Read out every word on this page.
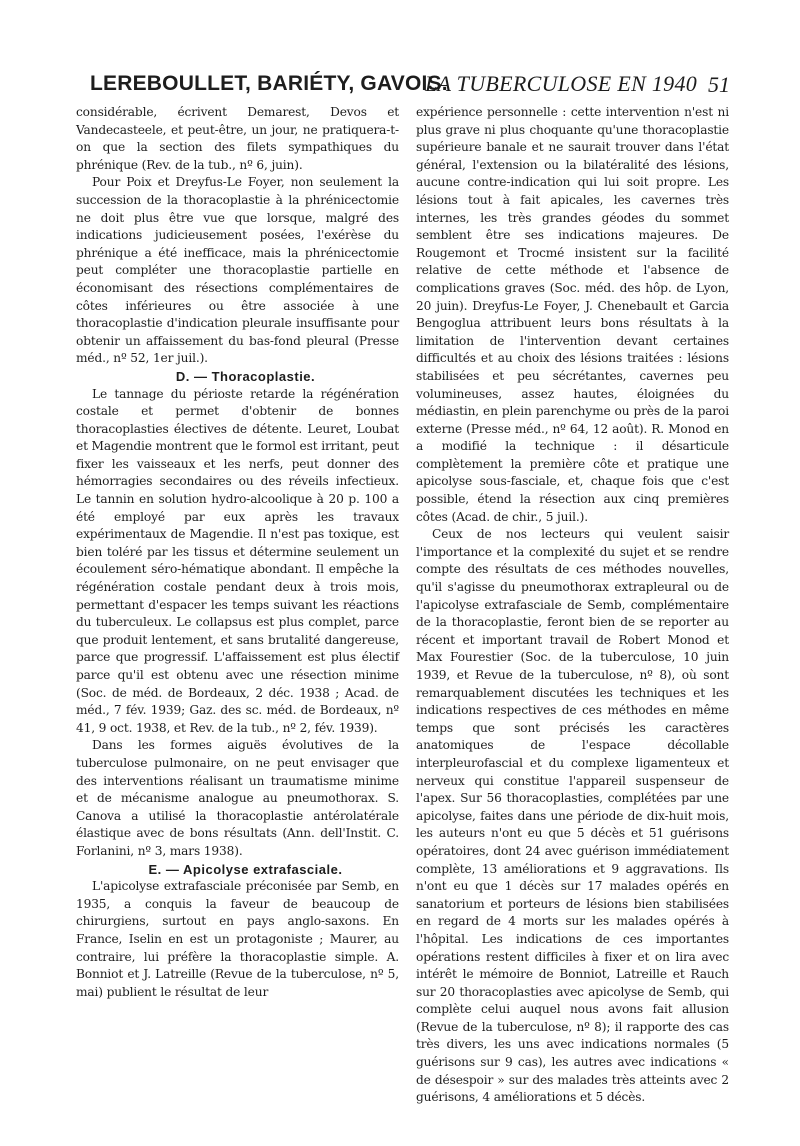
LEREBOULLET, BARIÉTY, GAVOIS.
LA TUBERCULOSE EN 1940 51

considérable, écrivent Demarest, Devos et Vandecasteele, et peut-être, un jour, ne pratiquera-t-on que la section des filets sympathiques du phrénique (Rev. de la tub., nº 6, juin).

Pour Poix et Dreyfus-Le Foyer, non seulement la succession de la thoracoplastie à la phrénicectomie ne doit plus être vue que lorsque, malgré des indications judicieusement posées, l'exérèse du phrénique a été inefficace, mais la phrénicectomie peut compléter une thoracoplastie partielle en économisant des résections complémentaires de côtes inférieures ou être associée à une thoracoplastie d'indication pleurale insuffisante pour obtenir un affaissement du bas-fond pleural (Presse méd., nº 52, 1er juil.).

D. — Thoracoplastie.

Le tannage du périoste retarde la régénération costale et permet d'obtenir de bonnes thoracoplasties électives de détente. Leuret, Loubat et Magendie montrent que le formol est irritant, peut fixer les vaisseaux et les nerfs, peut donner des hémorragies secondaires ou des réveils infectieux. Le tannin en solution hydro-alcoolique à 20 p. 100 a été employé par eux après les travaux expérimentaux de Magendie. Il n'est pas toxique, est bien toléré par les tissus et détermine seulement un écoulement séro-hématique abondant. Il empêche la régénération costale pendant deux à trois mois, permettant d'espacer les temps suivant les réactions du tuberculeux. Le collapsus est plus complet, parce que produit lentement, et sans brutalité dangereuse, parce que progressif. L'affaissement est plus électif parce qu'il est obtenu avec une résection minime (Soc. de méd. de Bordeaux, 2 déc. 1938 ; Acad. de méd., 7 fév. 1939; Gaz. des sc. méd. de Bordeaux, nº 41, 9 oct. 1938, et Rev. de la tub., nº 2, fév. 1939).

Dans les formes aiguës évolutives de la tuberculose pulmonaire, on ne peut envisager que des interventions réalisant un traumatisme minime et de mécanisme analogue au pneumothorax. S. Canova a utilisé la thoracoplastie antérolatérale élastique avec de bons résultats (Ann. dell'Instit. C. Forlanini, nº 3, mars 1938).

E. — Apicolyse extrafasciale.

L'apicolyse extrafasciale préconisée par Semb, en 1935, a conquis la faveur de beaucoup de chirurgiens, surtout en pays anglo-saxons. En France, Iselin en est un protagoniste ; Maurer, au contraire, lui préfère la thoracoplastie simple. A. Bonniot et J. Latreille (Revue de la tuberculose, nº 5, mai) publient le résultat de leur

expérience personnelle : cette intervention n'est ni plus grave ni plus choquante qu'une thoracoplastie supérieure banale et ne saurait trouver dans l'état général, l'extension ou la bilatéralité des lésions, aucune contre-indication qui lui soit propre. Les lésions tout à fait apicales, les cavernes très internes, les très grandes géodes du sommet semblent être ses indications majeures. De Rougemont et Trocmé insistent sur la facilité relative de cette méthode et l'absence de complications graves (Soc. méd. des hôp. de Lyon, 20 juin). Dreyfus-Le Foyer, J. Chenebault et Garcia Bengoglua attribuent leurs bons résultats à la limitation de l'intervention devant certaines difficultés et au choix des lésions traitées : lésions stabilisées et peu sécrétantes, cavernes peu volumineuses, assez hautes, éloignées du médiastin, en plein parenchyme ou près de la paroi externe (Presse méd., nº 64, 12 août). R. Monod en a modifié la technique : il désarticule complètement la première côte et pratique une apicolyse sous-fasciale, et, chaque fois que c'est possible, étend la résection aux cinq premières côtes (Acad. de chir., 5 juil.).

Ceux de nos lecteurs qui veulent saisir l'importance et la complexité du sujet et se rendre compte des résultats de ces méthodes nouvelles, qu'il s'agisse du pneumothorax extrapleural ou de l'apicolyse extrafasciale de Semb, complémentaire de la thoracoplastie, feront bien de se reporter au récent et important travail de Robert Monod et Max Fourestier (Soc. de la tuberculose, 10 juin 1939, et Revue de la tuberculose, nº 8), où sont remarquablement discutées les techniques et les indications respectives de ces méthodes en même temps que sont précisés les caractères anatomiques de l'espace décollable interpleurofascial et du complexe ligamenteux et nerveux qui constitue l'appareil suspenseur de l'apex. Sur 56 thoracoplasties, complétées par une apicolyse, faites dans une période de dix-huit mois, les auteurs n'ont eu que 5 décès et 51 guérisons opératoires, dont 24 avec guérison immédiatement complète, 13 améliorations et 9 aggravations. Ils n'ont eu que 1 décès sur 17 malades opérés en sanatorium et porteurs de lésions bien stabilisées en regard de 4 morts sur les malades opérés à l'hôpital. Les indications de ces importantes opérations restent difficiles à fixer et on lira avec intérêt le mémoire de Bonniot, Latreille et Rauch sur 20 thoracoplasties avec apicolyse de Semb, qui complète celui auquel nous avons fait allusion (Revue de la tuberculose, nº 8); il rapporte des cas très divers, les uns avec indications normales (5 guérisons sur 9 cas), les autres avec indications « de désespoir » sur des malades très atteints avec 2 guérisons, 4 améliorations et 5 décès.
